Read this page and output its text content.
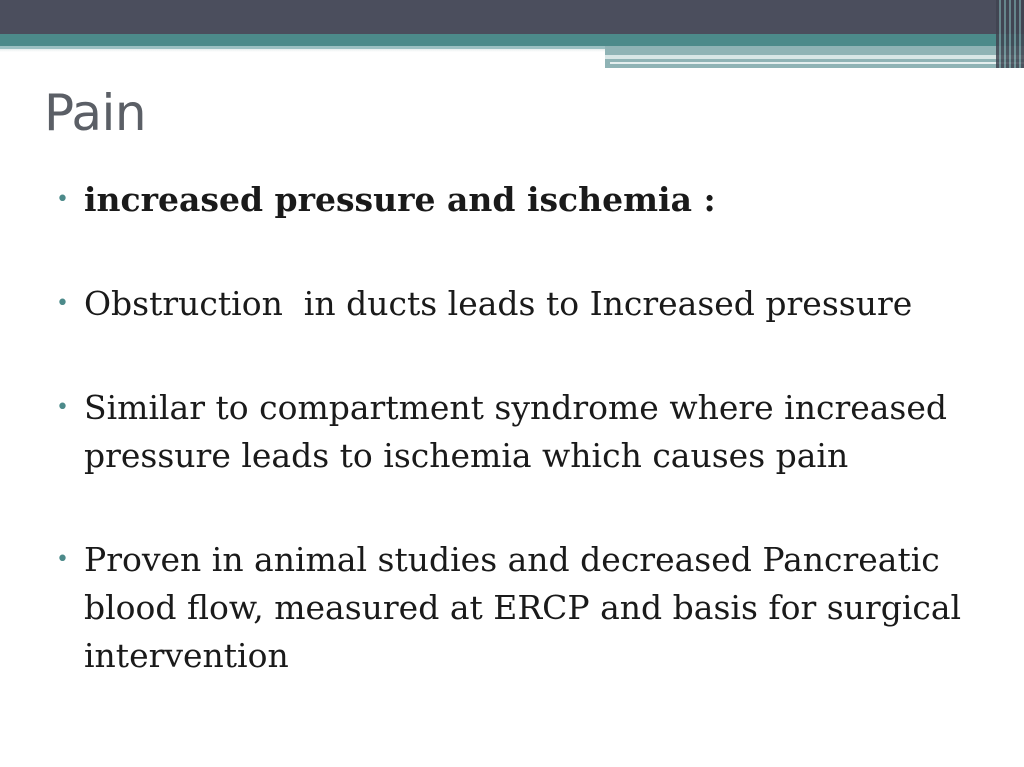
Pain
• increased pressure and ischemia :
• Obstruction  in ducts leads to Increased pressure
• Similar to compartment syndrome where increased pressure leads to ischemia which causes pain
• Proven in animal studies and decreased Pancreatic blood flow, measured at ERCP and basis for surgical intervention
